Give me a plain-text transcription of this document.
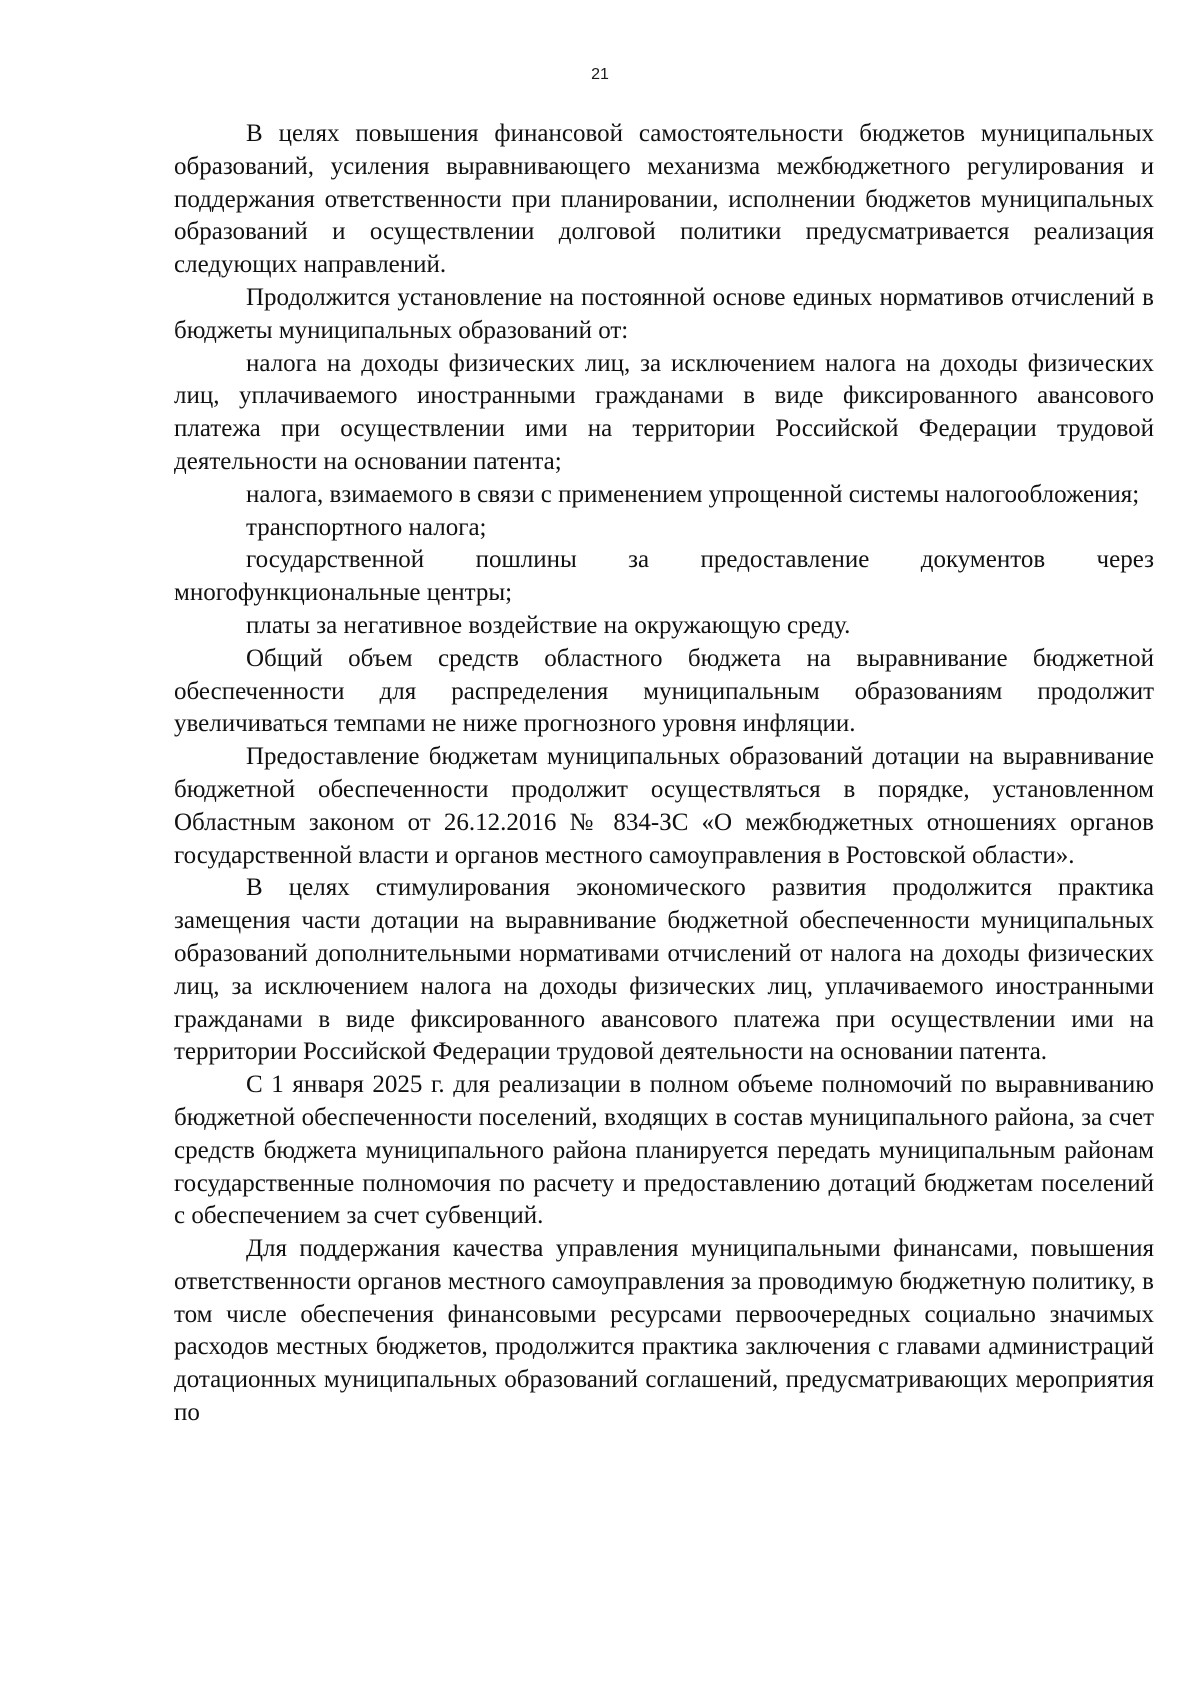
21

В целях повышения финансовой самостоятельности бюджетов муниципальных образований, усиления выравнивающего механизма межбюджетного регулирования и поддержания ответственности при планировании, исполнении бюджетов муниципальных образований и осуществлении долговой политики предусматривается реализация следующих направлений.

Продолжится установление на постоянной основе единых нормативов отчислений в бюджеты муниципальных образований от:

налога на доходы физических лиц, за исключением налога на доходы физических лиц, уплачиваемого иностранными гражданами в виде фиксированного авансового платежа при осуществлении ими на территории Российской Федерации трудовой деятельности на основании патента;

налога, взимаемого в связи с применением упрощенной системы налогообложения;

транспортного налога;

государственной пошлины за предоставление документов через многофункциональные центры;

платы за негативное воздействие на окружающую среду.

Общий объем средств областного бюджета на выравнивание бюджетной обеспеченности для распределения муниципальным образованиям продолжит увеличиваться темпами не ниже прогнозного уровня инфляции.

Предоставление бюджетам муниципальных образований дотации на выравнивание бюджетной обеспеченности продолжит осуществляться в порядке, установленном Областным законом от 26.12.2016 № 834-ЗС «О межбюджетных отношениях органов государственной власти и органов местного самоуправления в Ростовской области».

В целях стимулирования экономического развития продолжится практика замещения части дотации на выравнивание бюджетной обеспеченности муниципальных образований дополнительными нормативами отчислений от налога на доходы физических лиц, за исключением налога на доходы физических лиц, уплачиваемого иностранными гражданами в виде фиксированного авансового платежа при осуществлении ими на территории Российской Федерации трудовой деятельности на основании патента.

С 1 января 2025 г. для реализации в полном объеме полномочий по выравниванию бюджетной обеспеченности поселений, входящих в состав муниципального района, за счет средств бюджета муниципального района планируется передать муниципальным районам государственные полномочия по расчету и предоставлению дотаций бюджетам поселений с обеспечением за счет субвенций.

Для поддержания качества управления муниципальными финансами, повышения ответственности органов местного самоуправления за проводимую бюджетную политику, в том числе обеспечения финансовыми ресурсами первоочередных социально значимых расходов местных бюджетов, продолжится практика заключения с главами администраций дотационных муниципальных образований соглашений, предусматривающих мероприятия по
